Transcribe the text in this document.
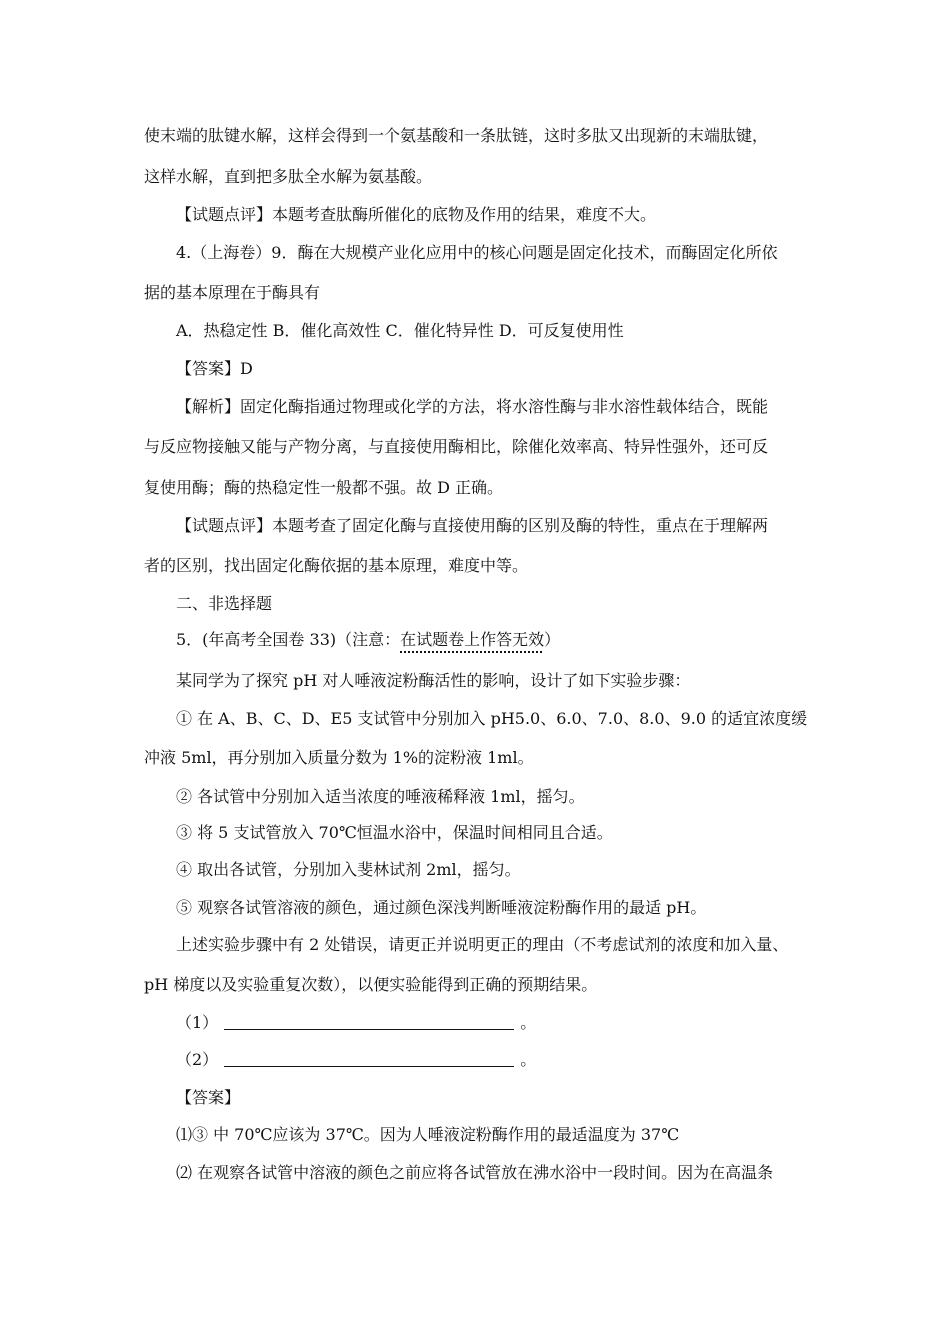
使末端的肽键水解，这样会得到一个氨基酸和一条肽链，这时多肽又出现新的末端肽键，
这样水解，直到把多肽全水解为氨基酸。
【试题点评】本题考查肽酶所催化的底物及作用的结果，难度不大。
4.（上海卷）9．酶在大规模产业化应用中的核心问题是固定化技术，而酶固定化所依
据的基本原理在于酶具有
A．热稳定性 B．催化高效性 C．催化特异性 D．可反复使用性
【答案】D
【解析】固定化酶指通过物理或化学的方法，将水溶性酶与非水溶性载体结合，既能
与反应物接触又能与产物分离，与直接使用酶相比，除催化效率高、特异性强外，还可反
复使用酶；酶的热稳定性一般都不强。故 D 正确。
【试题点评】本题考查了固定化酶与直接使用酶的区别及酶的特性，重点在于理解两
者的区别，找出固定化酶依据的基本原理，难度中等。
二、非选择题
5．(年高考全国卷 33)（注意：在试题卷上作答无效）
某同学为了探究 pH 对人唾液淀粉酶活性的影响，设计了如下实验步骤：
① 在 A、B、C、D、E5 支试管中分别加入 pH5.0、6.0、7.0、8.0、9.0 的适宜浓度缓
冲液 5ml，再分别加入质量分数为 1%的淀粉液 1ml。
② 各试管中分别加入适当浓度的唾液稀释液 1ml，摇匀。
③ 将 5 支试管放入 70℃恒温水浴中，保温时间相同且合适。
④ 取出各试管，分别加入斐林试剂 2ml，摇匀。
⑤ 观察各试管溶液的颜色，通过颜色深浅判断唾液淀粉酶作用的最适 pH。
上述实验步骤中有 2 处错误，请更正并说明更正的理由（不考虑试剂的浓度和加入量、
pH 梯度以及实验重复次数），以便实验能得到正确的预期结果。
（1）	。
（2）	。
【答案】
⑴③ 中 70℃应该为 37℃。因为人唾液淀粉酶作用的最适温度为 37℃
⑵ 在观察各试管中溶液的颜色之前应将各试管放在沸水浴中一段时间。因为在高温条
